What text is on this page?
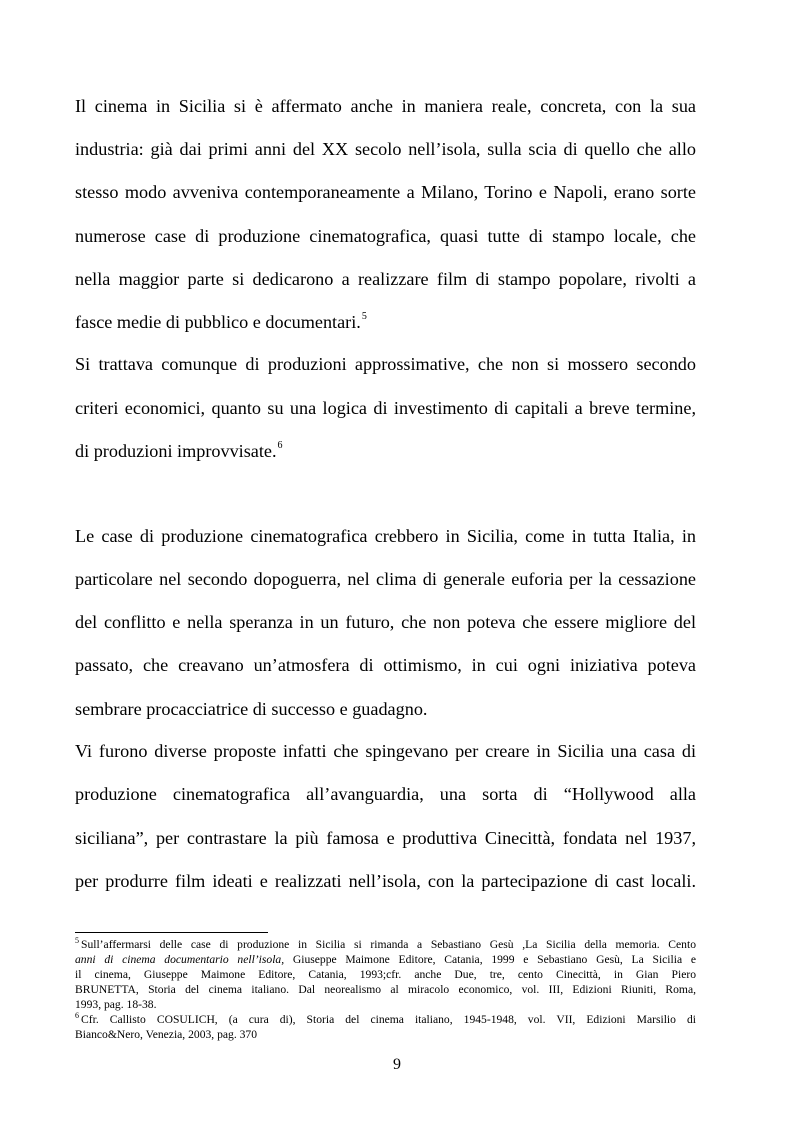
Il cinema in Sicilia si è affermato anche in maniera reale, concreta, con la sua
industria: già dai primi anni del XX secolo nell’isola, sulla scia di quello che allo
stesso modo avveniva contemporaneamente a Milano, Torino e Napoli, erano sorte
numerose case di produzione cinematografica, quasi tutte di stampo locale, che
nella maggior parte si dedicarono a realizzare film di stampo popolare, rivolti a
fasce medie di pubblico e documentari.$^5$
Si trattava comunque di produzioni approssimative, che non si mossero secondo
criteri economici, quanto su una logica di investimento di capitali a breve termine,
di produzioni improvvisate.$^6$
Le case di produzione cinematografica crebbero in Sicilia, come in tutta Italia, in
particolare nel secondo dopoguerra, nel clima di generale euforia per la cessazione
del conflitto e nella speranza in un futuro, che non poteva che essere migliore del
passato, che creavano un’atmosfera di ottimismo, in cui ogni iniziativa poteva
sembrare procacciatrice di successo e guadagno.
Vi furono diverse proposte infatti che spingevano per creare in Sicilia una casa di
produzione cinematografica all’avanguardia, una sorta di “Hollywood alla
siciliana”, per contrastare la più famosa e produttiva Cinecittà, fondata nel 1937,
per produrre film ideati e realizzati nell’isola, con la partecipazione di cast locali.
$^5$ Sull’affermarsi delle case di produzione in Sicilia si rimanda a Sebastiano Gesù ,La Sicilia della memoria. Cento
anni di cinema documentario nell’isola, Giuseppe Maimone Editore, Catania, 1999 e Sebastiano Gesù, La Sicilia e
il cinema, Giuseppe Maimone Editore, Catania, 1993;cfr. anche Due, tre, cento Cinecittà, in Gian Piero
BRUNETTA, Storia del cinema italiano. Dal neorealismo al miracolo economico, vol. III, Edizioni Riuniti, Roma,
1993, pag. 18-38.
$^6$ Cfr. Callisto COSULICH, (a cura di), Storia del cinema italiano, 1945-1948, vol. VII, Edizioni Marsilio di
Bianco&Nero, Venezia, 2003, pag. 370
9
